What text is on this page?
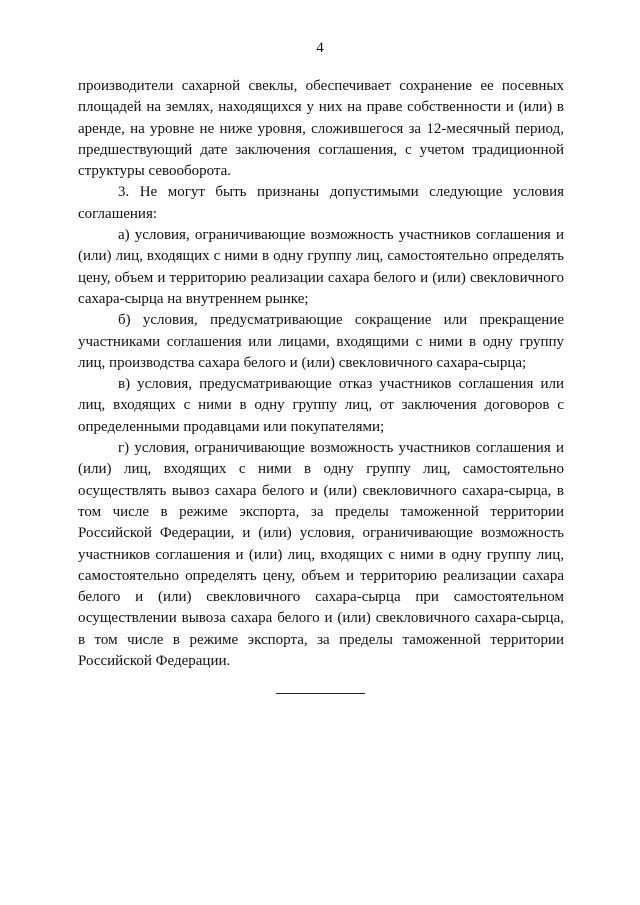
4

производители сахарной свеклы, обеспечивает сохранение ее посевных площадей на землях, находящихся у них на праве собственности и (или) в аренде, на уровне не ниже уровня, сложившегося за 12-месячный период, предшествующий дате заключения соглашения, с учетом традиционной структуры севооборота.

3. Не могут быть признаны допустимыми следующие условия соглашения:

а) условия, ограничивающие возможность участников соглашения и (или) лиц, входящих с ними в одну группу лиц, самостоятельно определять цену, объем и территорию реализации сахара белого и (или) свекловичного сахара-сырца на внутреннем рынке;

б) условия, предусматривающие сокращение или прекращение участниками соглашения или лицами, входящими с ними в одну группу лиц, производства сахара белого и (или) свекловичного сахара-сырца;

в) условия, предусматривающие отказ участников соглашения или лиц, входящих с ними в одну группу лиц, от заключения договоров с определенными продавцами или покупателями;

г) условия, ограничивающие возможность участников соглашения и (или) лиц, входящих с ними в одну группу лиц, самостоятельно осуществлять вывоз сахара белого и (или) свекловичного сахара-сырца, в том числе в режиме экспорта, за пределы таможенной территории Российской Федерации, и (или) условия, ограничивающие возможность участников соглашения и (или) лиц, входящих с ними в одну группу лиц, самостоятельно определять цену, объем и территорию реализации сахара белого и (или) свекловичного сахара-сырца при самостоятельном осуществлении вывоза сахара белого и (или) свекловичного сахара-сырца, в том числе в режиме экспорта, за пределы таможенной территории Российской Федерации.
